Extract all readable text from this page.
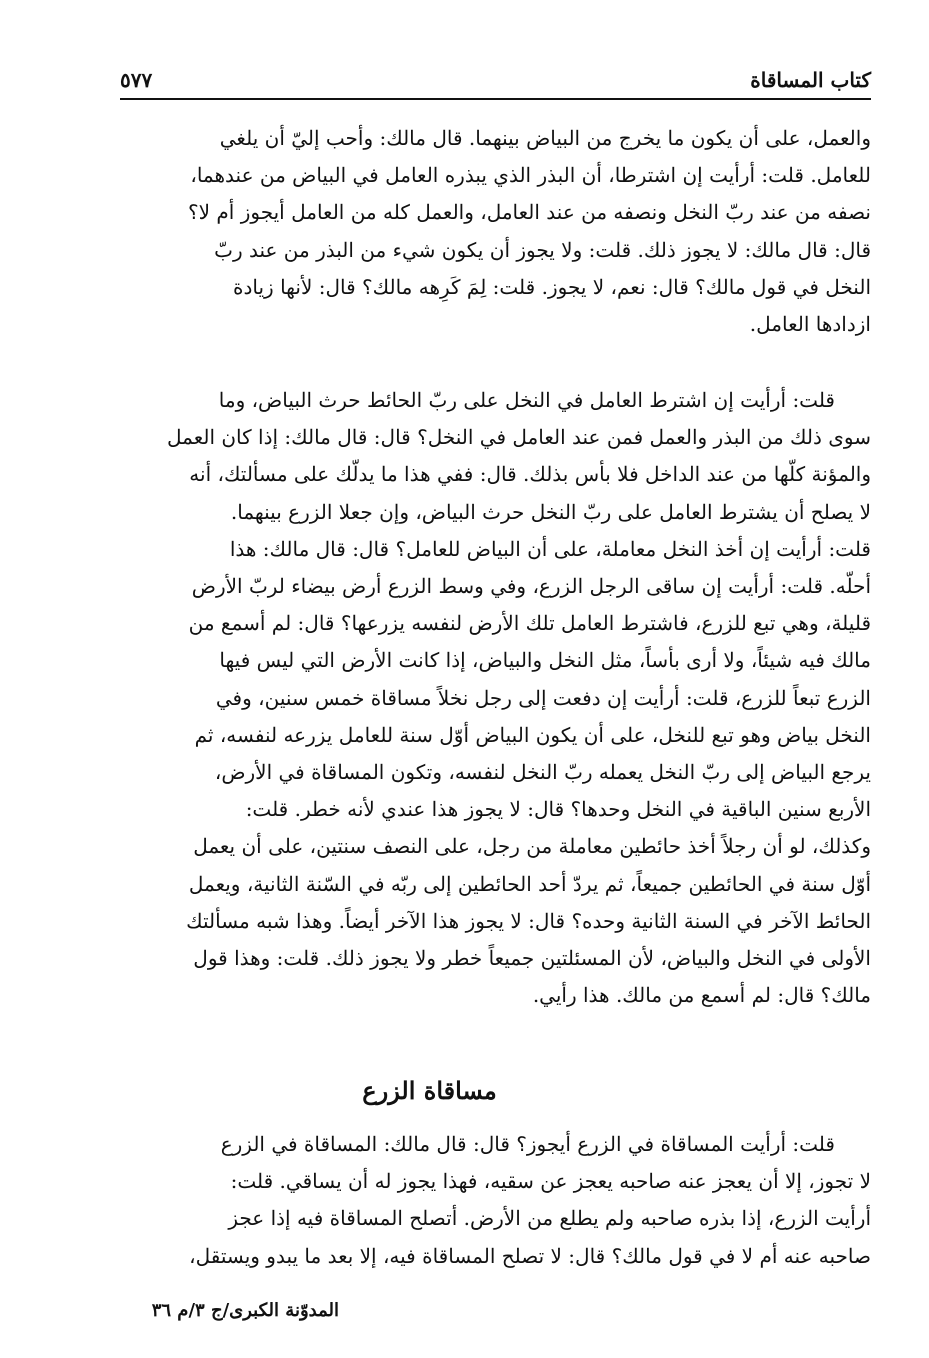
كتاب المساقاة
٥٧٧

والعمل، على أن يكون ما يخرج من البياض بينهما. قال مالك: وأحب إليّ أن يلغي

للعامل. قلت: أرأيت إن اشترطا، أن البذر الذي يبذره العامل في البياض من عندهما،

نصفه من عند ربّ النخل ونصفه من عند العامل، والعمل كله من العامل أيجوز أم لا؟

قال: قال مالك: لا يجوز ذلك. قلت: ولا يجوز أن يكون شيء من البذر من عند ربّ

النخل في قول مالك؟ قال: نعم، لا يجوز. قلت: لِمَ كَرِهه مالك؟ قال: لأنها زيادة

ازدادها العامل.

قلت: أرأيت إن اشترط العامل في النخل على ربّ الحائط حرث البياض، وما

سوى ذلك من البذر والعمل فمن عند العامل في النخل؟ قال: قال مالك: إذا كان العمل

والمؤنة كلّها من عند الداخل فلا بأس بذلك. قال: ففي هذا ما يدلّك على مسألتك، أنه

لا يصلح أن يشترط العامل على ربّ النخل حرث البياض، وإن جعلا الزرع بينهما.

قلت: أرأيت إن أخذ النخل معاملة، على أن البياض للعامل؟ قال: قال مالك: هذا

أحلّه. قلت: أرأيت إن ساقى الرجل الزرع، وفي وسط الزرع أرض بيضاء لربّ الأرض

قليلة، وهي تبع للزرع، فاشترط العامل تلك الأرض لنفسه يزرعها؟ قال: لم أسمع من

مالك فيه شيئاً، ولا أرى بأساً، مثل النخل والبياض، إذا كانت الأرض التي ليس فيها

الزرع تبعاً للزرع، قلت: أرأيت إن دفعت إلى رجل نخلاً مساقاة خمس سنين، وفي

النخل بياض وهو تبع للنخل، على أن يكون البياض أوّل سنة للعامل يزرعه لنفسه، ثم

يرجع البياض إلى ربّ النخل يعمله ربّ النخل لنفسه، وتكون المساقاة في الأرض،

الأربع سنين الباقية في النخل وحدها؟ قال: لا يجوز هذا عندي لأنه خطر. قلت:

وكذلك، لو أن رجلاً أخذ حائطين معاملة من رجل، على النصف سنتين، على أن يعمل

أوّل سنة في الحائطين جميعاً، ثم يردّ أحد الحائطين إلى ربّه في السّنة الثانية، ويعمل

الحائط الآخر في السنة الثانية وحده؟ قال: لا يجوز هذا الآخر أيضاً. وهذا شبه مسألتك

الأولى في النخل والبياض، لأن المسئلتين جميعاً خطر ولا يجوز ذلك. قلت: وهذا قول

مالك؟ قال: لم أسمع من مالك. هذا رأيي.

مساقاة الزرع

قلت: أرأيت المساقاة في الزرع أيجوز؟ قال: قال مالك: المساقاة في الزرع

لا تجوز، إلا أن يعجز عنه صاحبه يعجز عن سقيه، فهذا يجوز له أن يساقي. قلت:

أرأيت الزرع، إذا بذره صاحبه ولم يطلع من الأرض. أتصلح المساقاة فيه إذا عجز

صاحبه عنه أم لا في قول مالك؟ قال: لا تصلح المساقاة فيه، إلا بعد ما يبدو ويستقل،

المدوّنة الكبرى/ج ٣/م ٣٦
